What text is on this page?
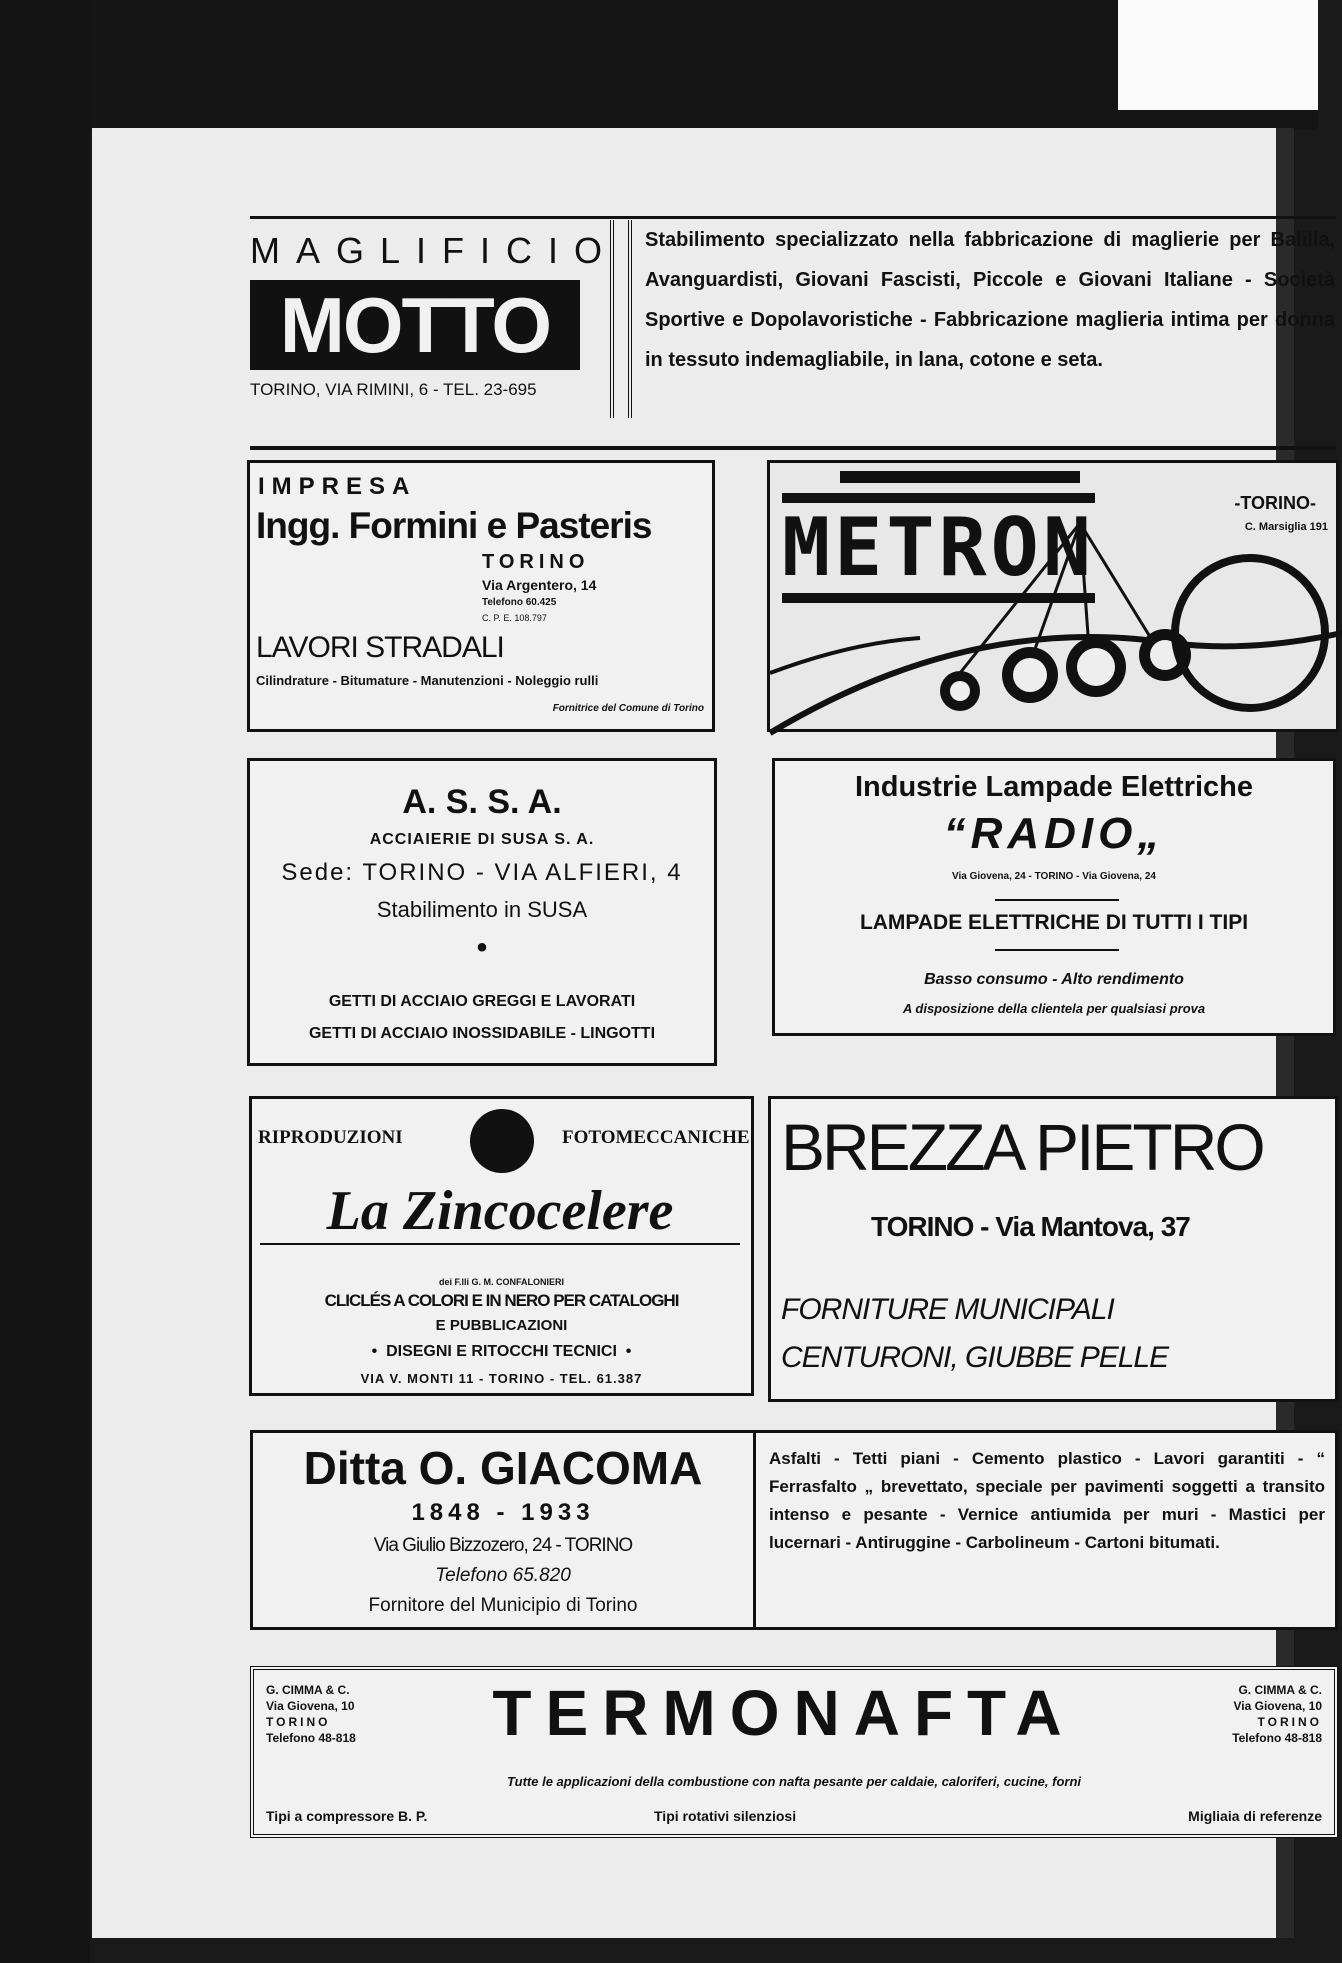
MAGLIFICIO
MOTTO
TORINO, VIA RIMINI, 6 - TEL. 23-695
Stabilimento specializzato nella fabbricazione di maglierie per Balilla, Avanguardisti, Giovani Fascisti, Piccole e Giovani Italiane - Società Sportive e Dopolavoristiche - Fabbricazione maglieria intima per donna in tessuto indemagliabile, in lana, cotone e seta.
IMPRESA
Ingg. Formini e Pasteris
TORINO
Via Argentero, 14
Telefono 60.425
C. P. E. 108.797
LAVORI STRADALI
Cilindrature - Bitumature - Manutenzioni - Noleggio rulli
Fornitrice del Comune di Torino
METRON	-TORINO-
C. Marsiglia 191
A. S. S. A.
ACCIAIERIE DI SUSA S. A.
Sede: TORINO - VIA ALFIERI, 4
Stabilimento in SUSA
•
GETTI DI ACCIAIO GREGGI E LAVORATI
GETTI DI ACCIAIO INOSSIDABILE - LINGOTTI
Industrie Lampade Elettriche
“RADIO„
Via Giovena, 24 - TORINO - Via Giovena, 24
LAMPADE ELETTRICHE DI TUTTI I TIPI
Basso consumo - Alto rendimento
A disposizione della clientela per qualsiasi prova
RIPRODUZIONI	FOTOMECCANICHE
La Zincocelere
dei F.lli G. M. CONFALONIERI
CLICLÉS A COLORI E IN NERO PER CATALOGHI
E PUBBLICAZIONI
•  DISEGNI E RITOCCHI TECNICI  •
VIA V. MONTI 11 - TORINO - TEL. 61.387
BREZZA PIETRO
TORINO - Via Mantova, 37
FORNITURE MUNICIPALI
CENTURONI, GIUBBE PELLE
Ditta O. GIACOMA
1848 - 1933
Via Giulio Bizzozero, 24 - TORINO
Telefono 65.820
Fornitore del Municipio di Torino
Asfalti - Tetti piani - Cemento plastico - Lavori garantiti - “ Ferrasfalto „ brevettato, speciale per pavimenti soggetti a transito intenso e pesante - Vernice antiumida per muri - Mastici per lucernari - Antiruggine - Carbolineum - Cartoni bitumati.
G. CIMMA & C.
Via Giovena, 10
TORINO
Telefono 48-818	TERMONAFTA	G. CIMMA & C.
Via Giovena, 10
TORINO
Telefono 48-818
Tutte le applicazioni della combustione con nafta pesante per caldaie, caloriferi, cucine, forni
Tipi a compressore B. P.	Tipi rotativi silenziosi	Migliaia di referenze
